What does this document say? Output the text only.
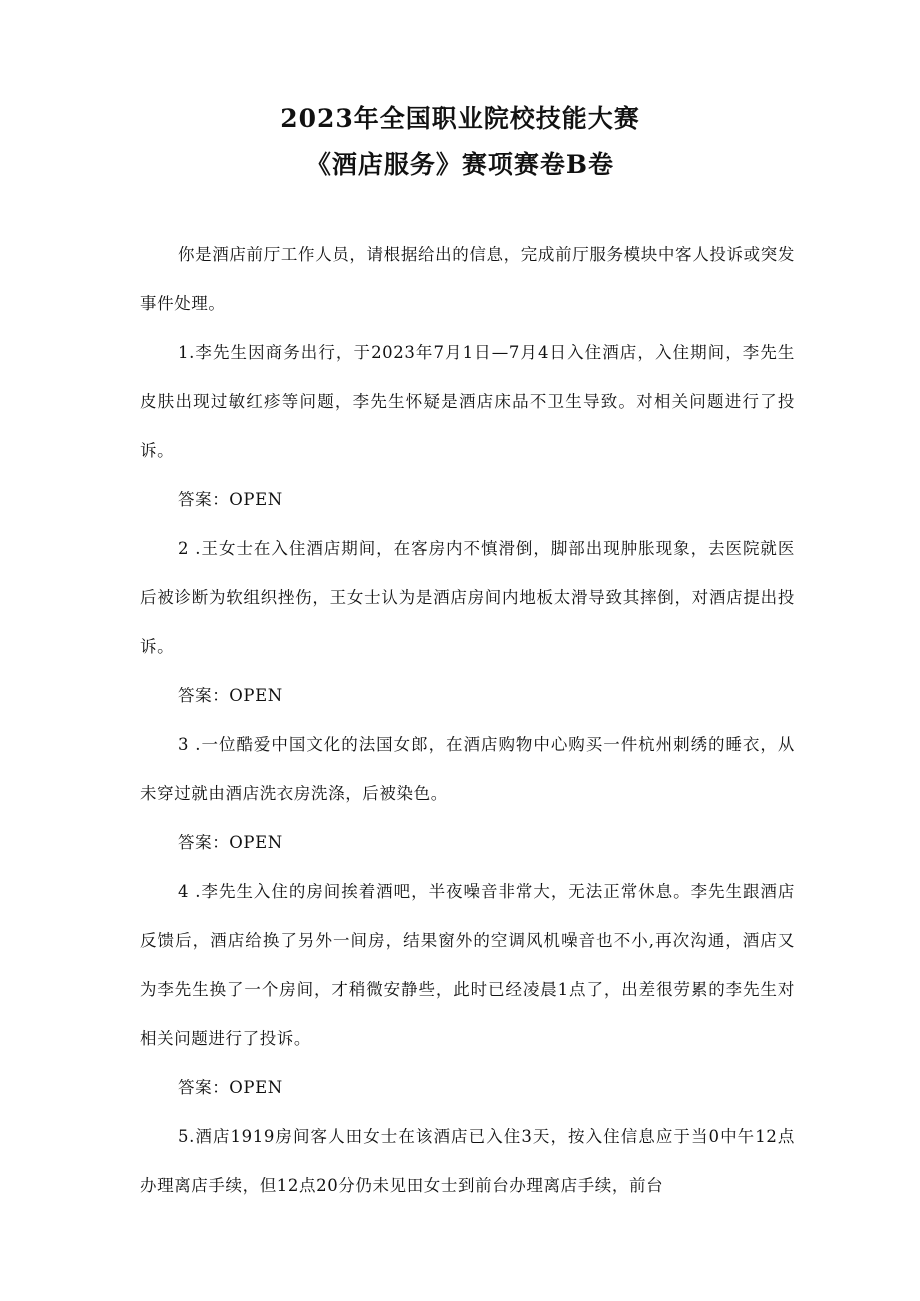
2023年全国职业院校技能大赛
《酒店服务》赛项赛卷B卷

你是酒店前厅工作人员，请根据给出的信息，完成前厅服务模块中客人投诉或突发事件处理。

1.李先生因商务出行，于2023年7月1日—7月4日入住酒店，入住期间，李先生皮肤出现过敏红疹等问题，李先生怀疑是酒店床品不卫生导致。对相关问题进行了投诉。

答案：OPEN

2 .王女士在入住酒店期间，在客房内不慎滑倒，脚部出现肿胀现象，去医院就医后被诊断为软组织挫伤，王女士认为是酒店房间内地板太滑导致其摔倒，对酒店提出投诉。

答案：OPEN

3 .一位酷爱中国文化的法国女郎，在酒店购物中心购买一件杭州刺绣的睡衣，从未穿过就由酒店洗衣房洗涤，后被染色。

答案：OPEN

4 .李先生入住的房间挨着酒吧，半夜噪音非常大，无法正常休息。李先生跟酒店反馈后，酒店给换了另外一间房，结果窗外的空调风机噪音也不小,再次沟通，酒店又为李先生换了一个房间，才稍微安静些，此时已经凌晨1点了，出差很劳累的李先生对相关问题进行了投诉。

答案：OPEN

5.酒店1919房间客人田女士在该酒店已入住3天，按入住信息应于当0中午12点办理离店手续，但12点20分仍未见田女士到前台办理离店手续，前台
